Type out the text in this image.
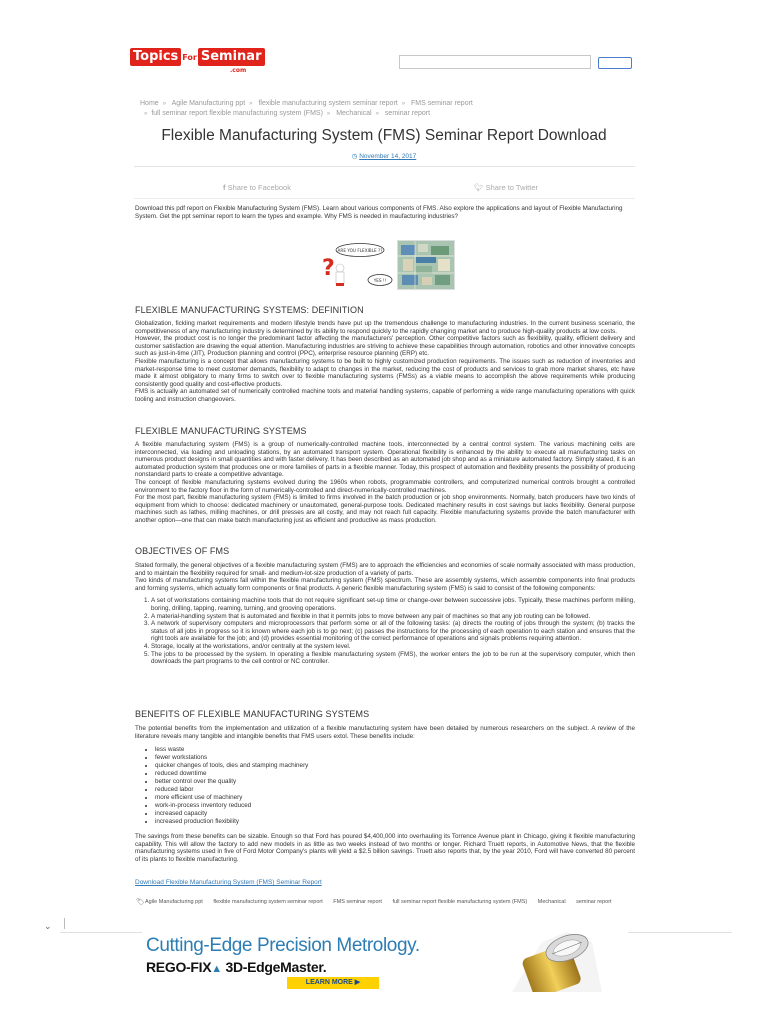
Topics For Seminar
.com
Home » Agile Manufacturing ppt » flexible manufacturing system seminar report » FMS seminar report
» full seminar report flexible manufacturing system (FMS) » Mechanical » seminar report
Flexible Manufacturing System (FMS) Seminar Report Download
◷ November 14, 2017
f Share to Facebook	🐦︎ Share to Twitter
Download this pdf report on Flexible Manufacturing System (FMS). Learn about various components of FMS. Also explore the applications and layout of Flexible Manufacturing System. Get the ppt seminar report to learn the types and example. Why FMS is needed in maufacturing industries?
ARE YOU FLEXIBLE ??
YES !!
?
FLEXIBLE MANUFACTURING SYSTEMS: DEFINITION

Globalization, fickling market requirements and modern lifestyle trends have put up the tremendous challenge to manufacturing industries. In the current business scenario, the competitiveness of any manufacturing industry is determined by its ability to respond quickly to the rapidly changing market and to produce high-quality products at low costs.

However, the product cost is no longer the predominant factor affecting the manufacturers' perception. Other competitive factors such as flexibility, quality, efficient delivery and customer satisfaction are drawing the equal attention. Manufacturing industries are striving to achieve these capabilities through automation, robotics and other innovative concepts such as just-in-time (JIT), Production planning and control (PPC), enterprise resource planning (ERP) etc.

Flexible manufacturing is a concept that allows manufacturing systems to be built to highly customized production requirements. The issues such as reduction of inventories and market-response time to meet customer demands, flexibility to adapt to changes in the market, reducing the cost of products and services to grab more market shares, etc have made it almost obligatory to many firms to switch over to flexible manufacturing systems (FMSs) as a viable means to accomplish the above requirements while producing consistently good quality and cost-effective products.

FMS is actually an automated set of numerically controlled machine tools and material handling systems, capable of performing a wide range manufacturing operations with quick tooling and instruction changeovers.

FLEXIBLE MANUFACTURING SYSTEMS

A flexible manufacturing system (FMS) is a group of numerically-controlled machine tools, interconnected by a central control system. The various machining cells are interconnected, via loading and unloading stations, by an automated transport system. Operational flexibility is enhanced by the ability to execute all manufacturing tasks on numerous product designs in small quantities and with faster delivery. It has been described as an automated job shop and as a miniature automated factory. Simply stated, it is an automated production system that produces one or more families of parts in a flexible manner. Today, this prospect of automation and flexibility presents the possibility of producing nonstandard parts to create a competitive advantage.

The concept of flexible manufacturing systems evolved during the 1960s when robots, programmable controllers, and computerized numerical controls brought a controlled environment to the factory floor in the form of numerically-controlled and direct-numerically-controlled machines.

For the most part, flexible manufacturing system (FMS) is limited to firms involved in the batch production or job shop environments. Normally, batch producers have two kinds of equipment from which to choose: dedicated machinery or unautomated, general-purpose tools. Dedicated machinery results in cost savings but lacks flexibility. General purpose machines such as lathes, milling machines, or drill presses are all costly, and may not reach full capacity. Flexible manufacturing systems provide the batch manufacturer with another option—one that can make batch manufacturing just as efficient and productive as mass production.

OBJECTIVES OF FMS

Stated formally, the general objectives of a flexible manufacturing system (FMS) are to approach the efficiencies and economies of scale normally associated with mass production, and to maintain the flexibility required for small- and medium-lot-size production of a variety of parts.

Two kinds of manufacturing systems fall within the flexible manufacturing system (FMS) spectrum. These are assembly systems, which assemble components into final products and forming systems, which actually form components or final products. A generic flexible manufacturing system (FMS) is said to consist of the following components:

1. A set of workstations containing machine tools that do not require significant set-up time or change-over between successive jobs. Typically, these machines perform milling, boring, drilling, tapping, reaming, turning, and grooving operations.
2. A material-handling system that is automated and flexible in that it permits jobs to move between any pair of machines so that any job routing can be followed.
3. A network of supervisory computers and microprocessors that perform some or all of the following tasks: (a) directs the routing of jobs through the system; (b) tracks the status of all jobs in progress so it is known where each job is to go next; (c) passes the instructions for the processing of each operation to each station and ensures that the right tools are available for the job; and (d) provides essential monitoring of the correct performance of operations and signals problems requiring attention.
4. Storage, locally at the workstations, and/or centrally at the system level.
5. The jobs to be processed by the system. In operating a flexible manufacturing system (FMS), the worker enters the job to be run at the supervisory computer, which then downloads the part programs to the cell control or NC controller.
BENEFITS OF FLEXIBLE MANUFACTURING SYSTEMS

The potential benefits from the implementation and utilization of a flexible manufacturing system have been detailed by numerous researchers on the subject. A review of the literature reveals many tangible and intangible benefits that FMS users extol. These benefits include:

• less waste
• fewer workstations
• quicker changes of tools, dies and stamping machinery
• reduced downtime
• better control over the quality
• reduced labor
• more efficient use of machinery
• work-in-process inventory reduced
• increased capacity
• increased production flexibility

The savings from these benefits can be sizable. Enough so that Ford has poured $4,400,000 into overhauling its Torrence Avenue plant in Chicago, giving it flexible manufacturing capability. This will allow the factory to add new models in as little as two weeks instead of two months or longer. Richard Truett reports, in Automotive News, that the flexible manufacturing systems used in five of Ford Motor Company's plants will yield a $2.5 billion savings. Truett also reports that, by the year 2010, Ford will have converted 80 percent of its plants to flexible manufacturing.

Download Flexible Manufacturing System (FMS) Seminar Report
🏷︎ Agile Manufacturing ppt flexible manufacturing system seminar report FMS seminar report full seminar report flexible manufacturing system (FMS) Mechanical seminar report
⌄
Cutting-Edge Precision Metrology.
REGO-FIX▲ 3D-EdgeMaster.
LEARN MORE ▶
